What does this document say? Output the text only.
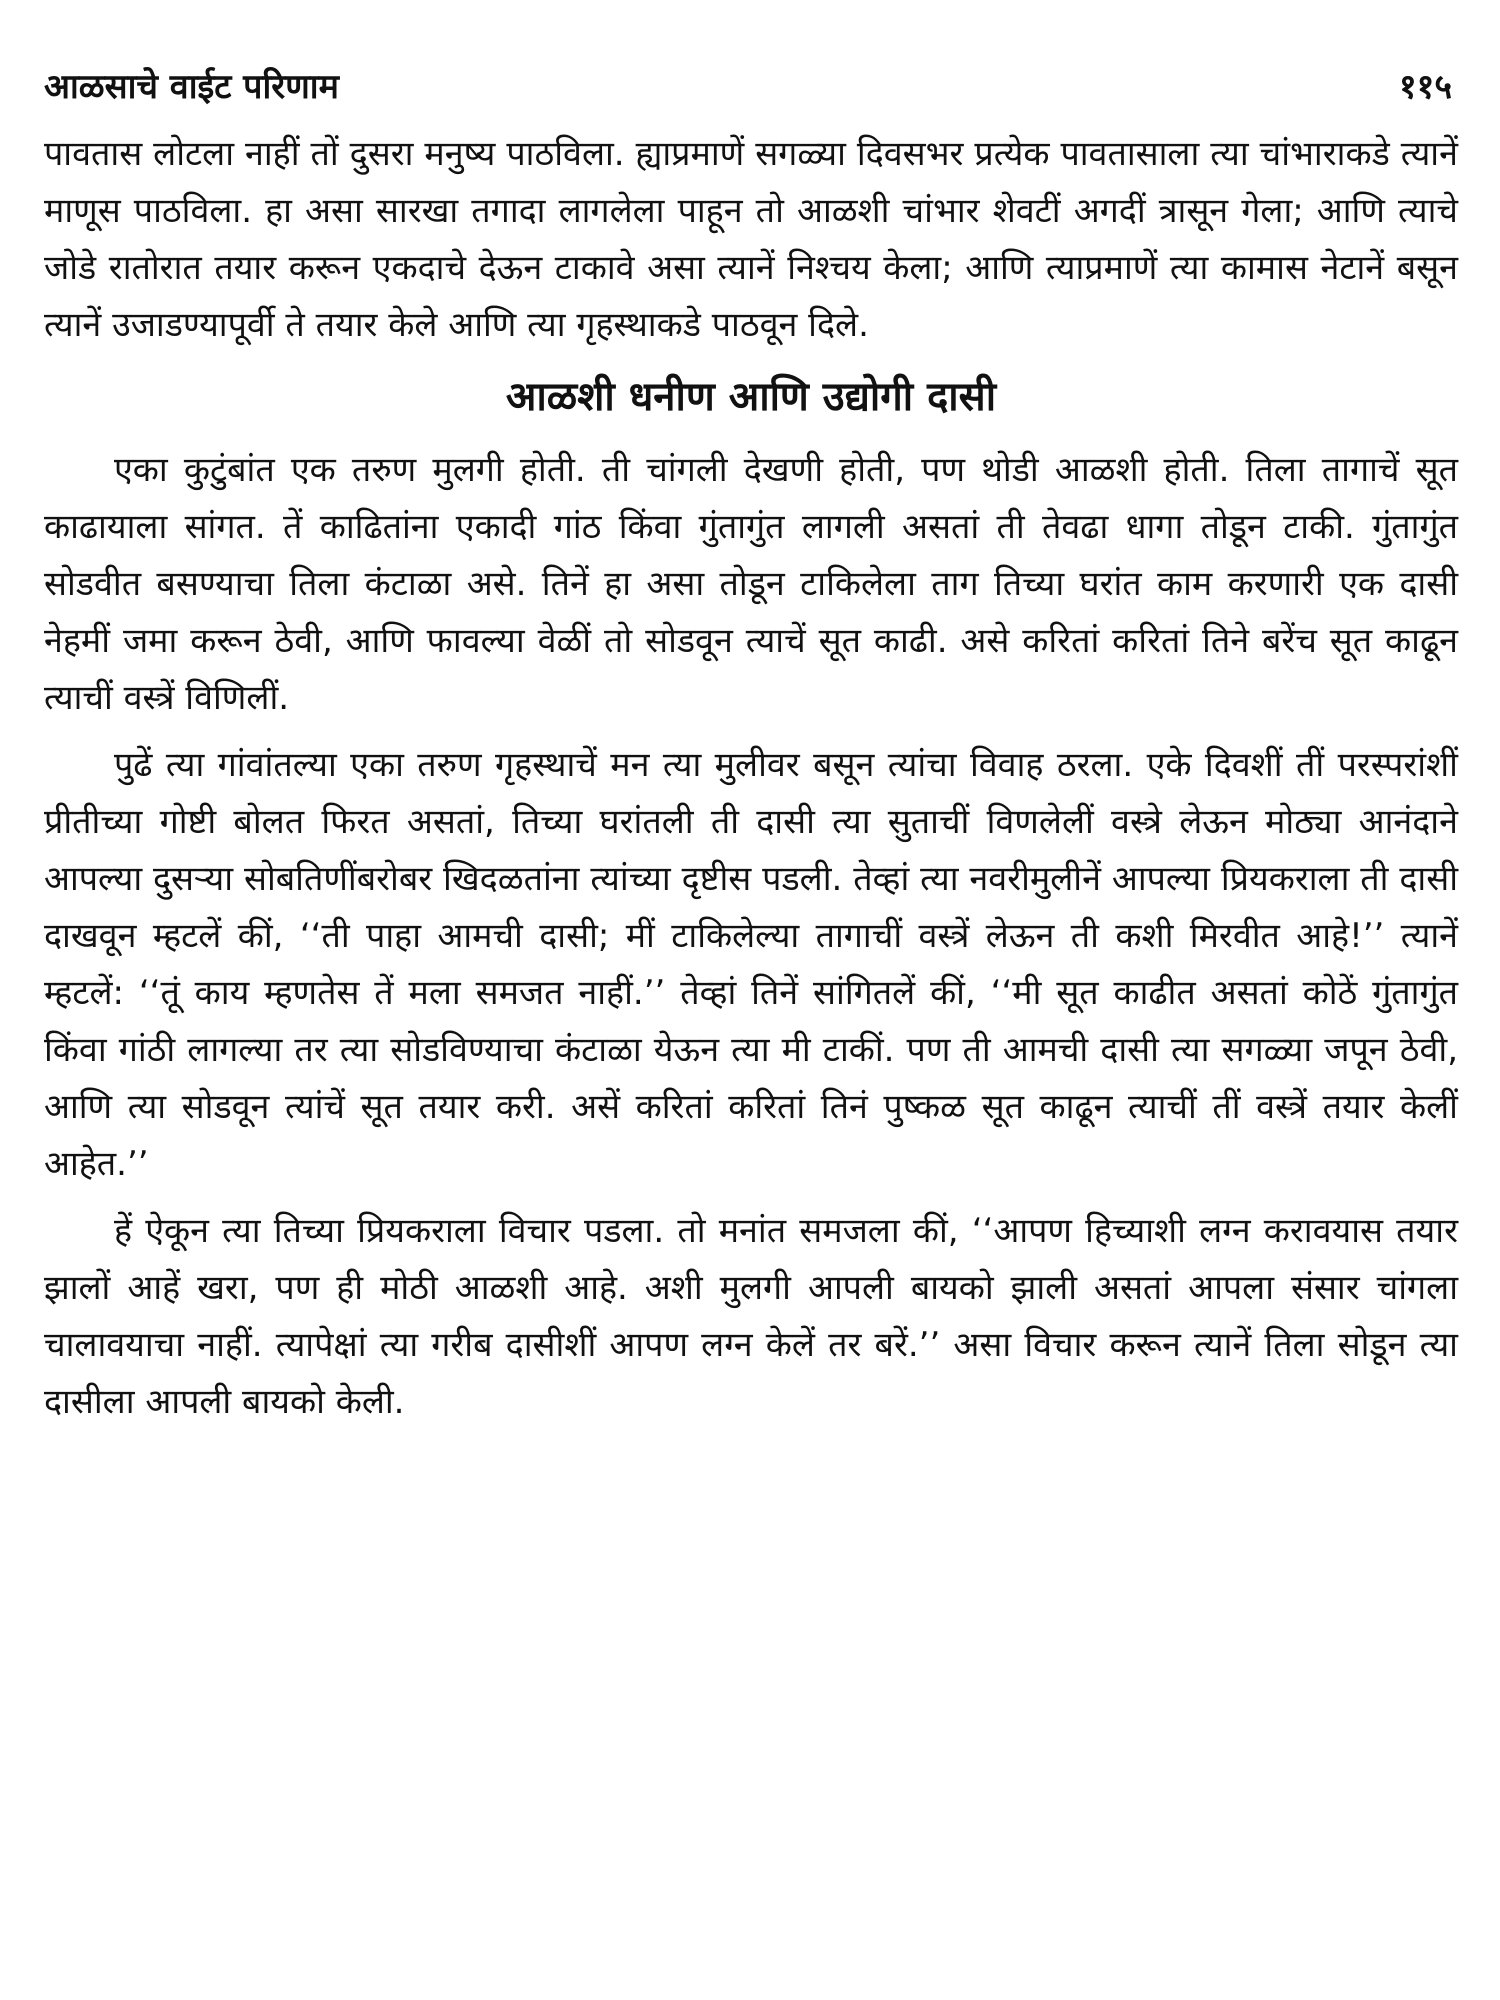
आळसाचे वाईट परिणाम	११५

पावतास लोटला नाहीं तों दुसरा मनुष्य पाठविला. ह्याप्रमाणें सगळ्या दिवसभर प्रत्येक पावतासाला त्या चांभाराकडे त्यानें माणूस पाठविला. हा असा सारखा तगादा लागलेला पाहून तो आळशी चांभार शेवटीं अगदीं त्रासून गेला; आणि त्याचे जोडे रातोरात तयार करून एकदाचे देऊन टाकावे असा त्यानें निश्चय केला; आणि त्याप्रमाणें त्या कामास नेटानें बसून त्यानें उजाडण्यापूर्वी ते तयार केले आणि त्या गृहस्थाकडे पाठवून दिले.

आळशी धनीण आणि उद्योगी दासी

एका कुटुंबांत एक तरुण मुलगी होती. ती चांगली देखणी होती, पण थोडी आळशी होती. तिला तागाचें सूत काढायाला सांगत. तें काढितांना एकादी गांठ किंवा गुंतागुंत लागली असतां ती तेवढा धागा तोडून टाकी. गुंतागुंत सोडवीत बसण्याचा तिला कंटाळा असे. तिनें हा असा तोडून टाकिलेला ताग तिच्या घरांत काम करणारी एक दासी नेहमीं जमा करून ठेवी, आणि फावल्या वेळीं तो सोडवून त्याचें सूत काढी. असे करितां करितां तिने बरेंच सूत काढून त्याचीं वस्त्रें विणिलीं.

पुढें त्या गांवांतल्या एका तरुण गृहस्थाचें मन त्या मुलीवर बसून त्यांचा विवाह ठरला. एके दिवशीं तीं परस्परांशीं प्रीतीच्या गोष्टी बोलत फिरत असतां, तिच्या घरांतली ती दासी त्या सुताचीं विणलेलीं वस्त्रे लेऊन मोठ्या आनंदाने आपल्या दुसऱ्या सोबतिणींबरोबर खिदळतांना त्यांच्या दृष्टीस पडली. तेव्हां त्या नवरीमुलीनें आपल्या प्रियकराला ती दासी दाखवून म्हटलें कीं, ‘‘ती पाहा आमची दासी; मीं टाकिलेल्या तागाचीं वस्त्रें लेऊन ती कशी मिरवीत आहे!’’ त्यानें म्हटलें: ‘‘तूं काय म्हणतेस तें मला समजत नाहीं.’’ तेव्हां तिनें सांगितलें कीं, ‘‘मी सूत काढीत असतां कोठें गुंतागुंत किंवा गांठी लागल्या तर त्या सोडविण्याचा कंटाळा येऊन त्या मी टाकीं. पण ती आमची दासी त्या सगळ्या जपून ठेवी, आणि त्या सोडवून त्यांचें सूत तयार करी. असें करितां करितां तिनं पुष्कळ सूत काढून त्याचीं तीं वस्त्रें तयार केलीं आहेत.’’

हें ऐकून त्या तिच्या प्रियकराला विचार पडला. तो मनांत समजला कीं, ‘‘आपण हिच्याशी लग्न करावयास तयार झालों आहें खरा, पण ही मोठी आळशी आहे. अशी मुलगी आपली बायको झाली असतां आपला संसार चांगला चालावयाचा नाहीं. त्यापेक्षां त्या गरीब दासीशीं आपण लग्न केलें तर बरें.’’ असा विचार करून त्यानें तिला सोडून त्या दासीला आपली बायको केली.
